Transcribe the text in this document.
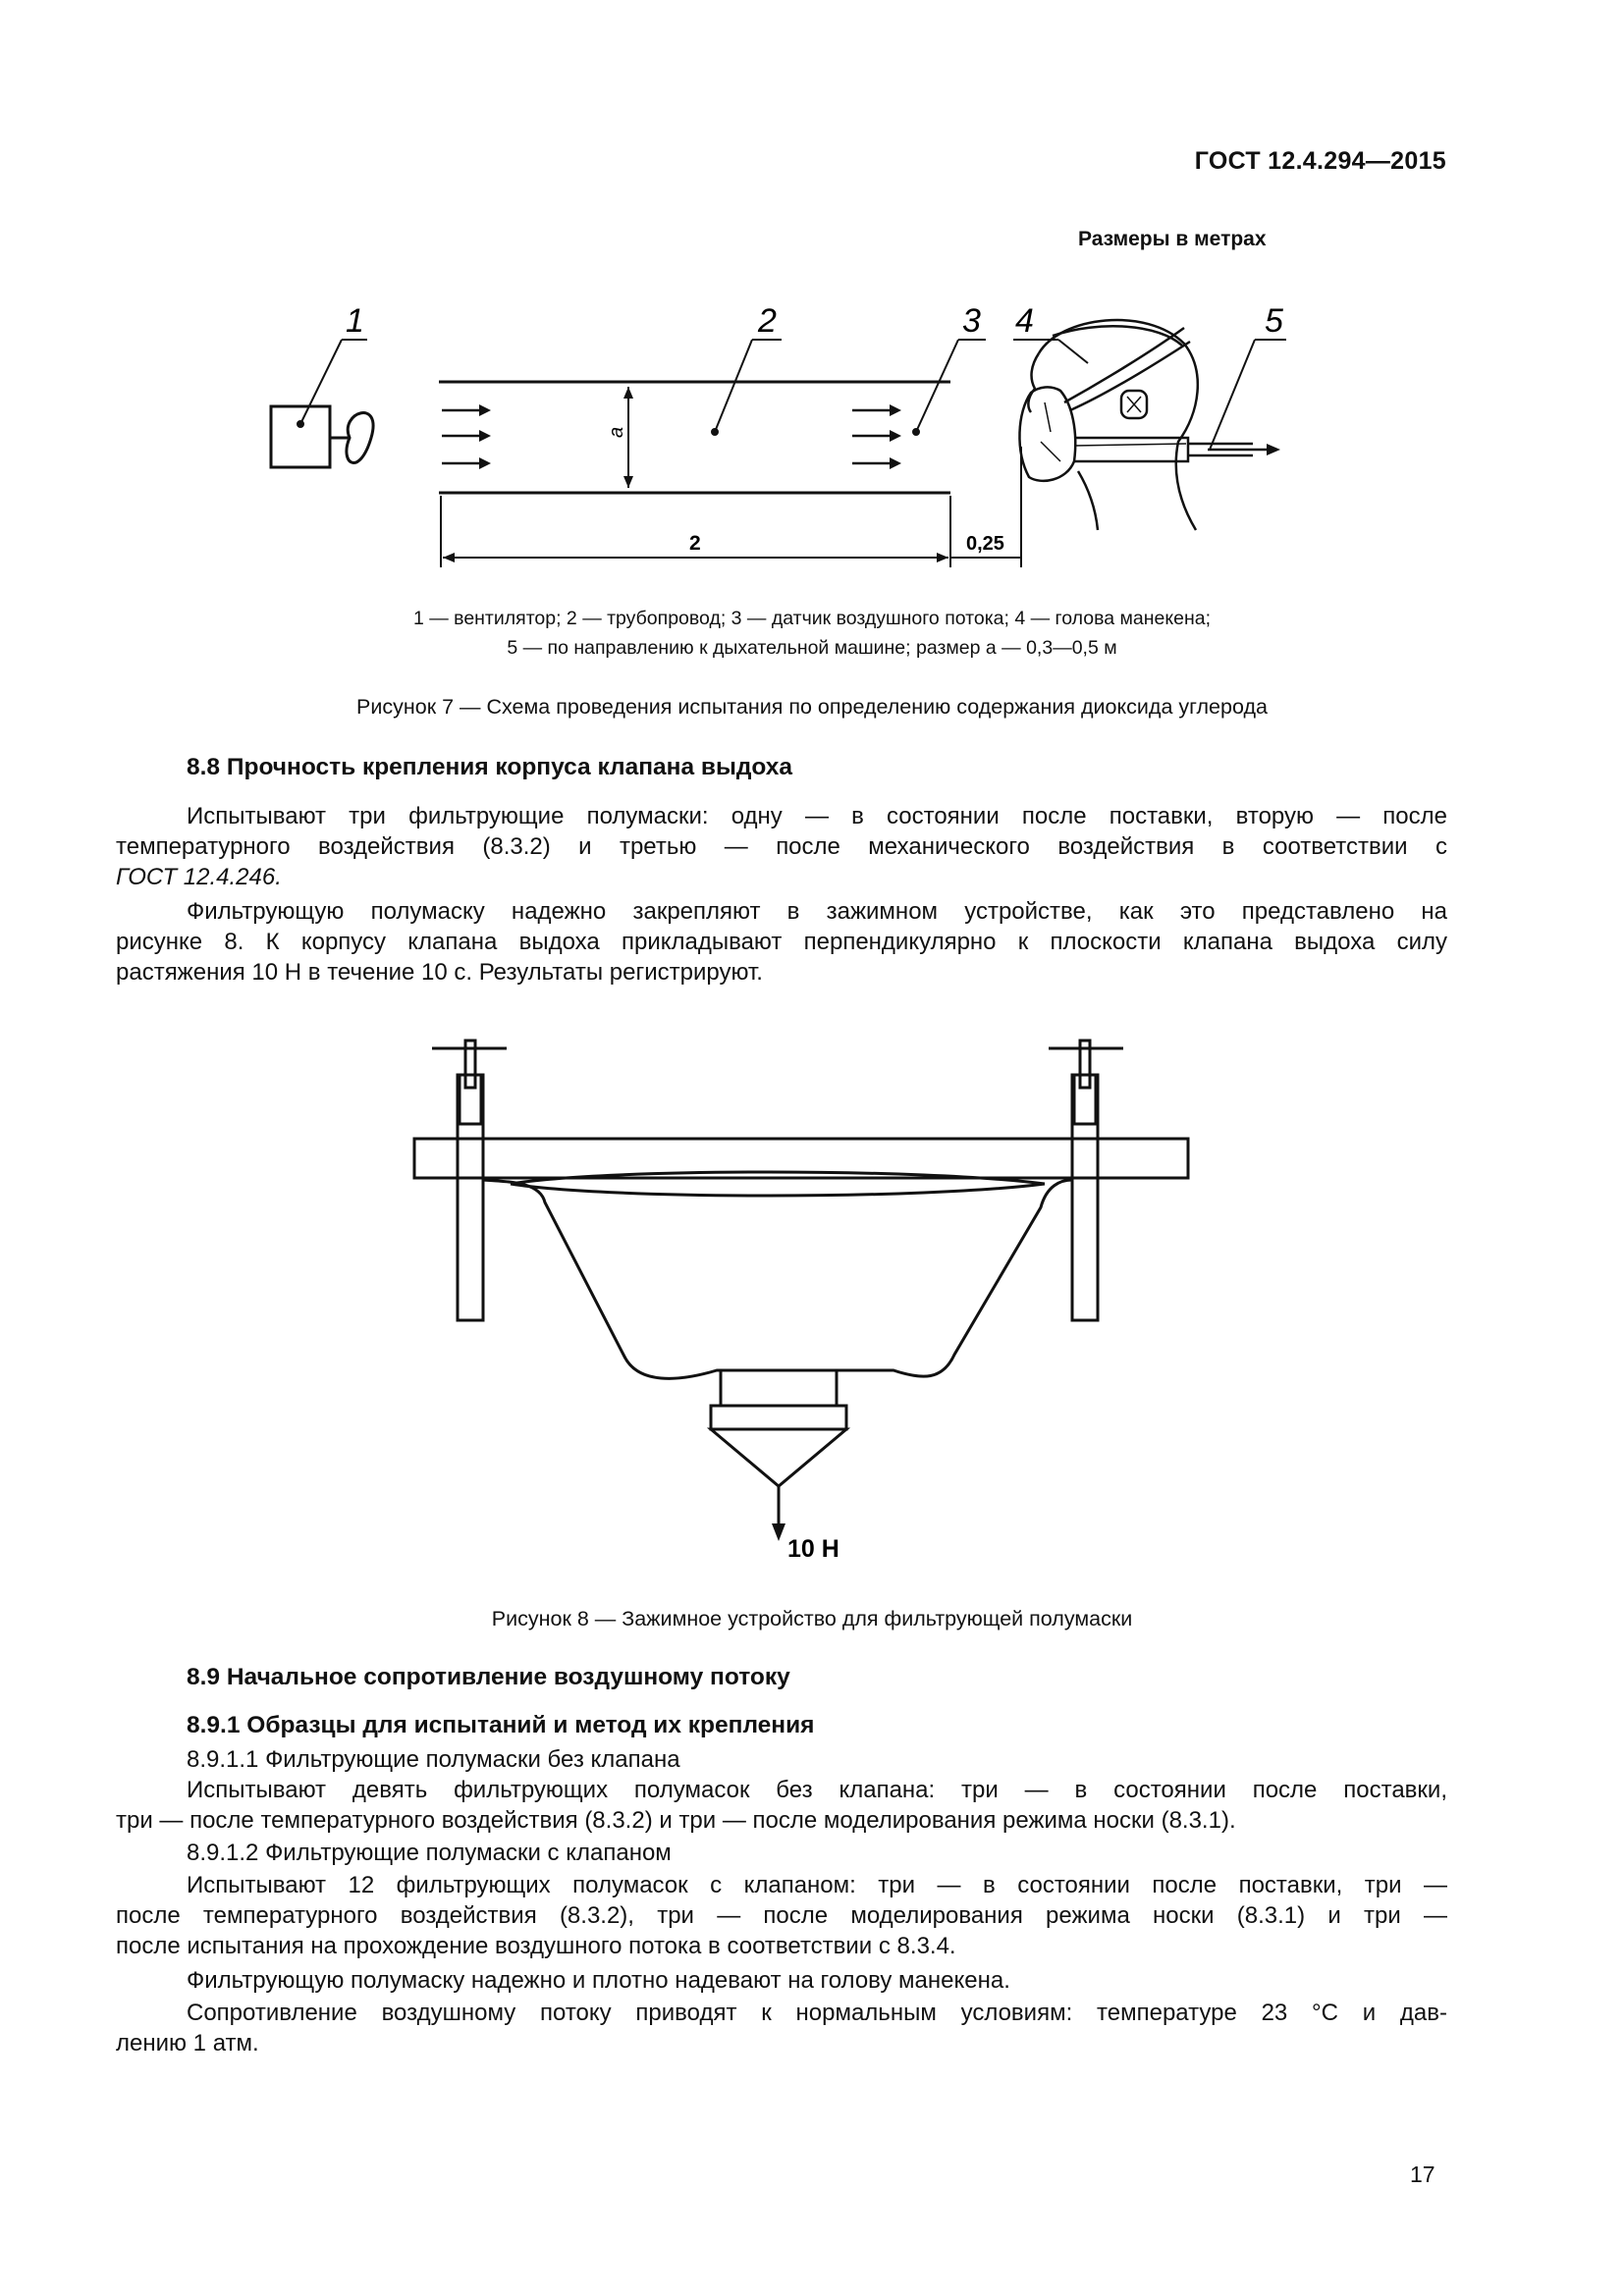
ГОСТ 12.4.294—2015
Размеры в метрах
1	2	3 4	5
2	0,25
а
1 — вентилятор; 2 — трубопровод; 3 — датчик воздушного потока; 4 — голова манекена;
5 — по направлению к дыхательной машине; размер а — 0,3—0,5 м
Рисунок 7 — Схема проведения испытания по определению содержания диоксида углерода
8.8 Прочность крепления корпуса клапана выдоха
Испытывают три фильтрующие полумаски: одну — в состоянии после поставки, вторую — после
температурного воздействия (8.3.2) и третью — после механического воздействия в соответствии с
ГОСТ 12.4.246.
Фильтрующую полумаску надежно закрепляют в зажимном устройстве, как это представлено на
рисунке 8. К корпусу клапана выдоха прикладывают перпендикулярно к плоскости клапана выдоха силу
растяжения 10 Н в течение 10 с. Результаты регистрируют.
10 Н
Рисунок 8 — Зажимное устройство для фильтрующей полумаски
8.9 Начальное сопротивление воздушному потоку
8.9.1 Образцы для испытаний и метод их крепления
8.9.1.1 Фильтрующие полумаски без клапана
Испытывают девять фильтрующих полумасок без клапана: три — в состоянии после поставки,
три — после температурного воздействия (8.3.2) и три — после моделирования режима носки (8.3.1).
8.9.1.2 Фильтрующие полумаски с клапаном
Испытывают 12 фильтрующих полумасок с клапаном: три — в состоянии после поставки, три —
после температурного воздействия (8.3.2), три — после моделирования режима носки (8.3.1) и три —
после испытания на прохождение воздушного потока в соответствии с 8.3.4.
Фильтрующую полумаску надежно и плотно надевают на голову манекена.
Сопротивление воздушному потоку приводят к нормальным условиям: температуре 23 °С и дав-
лению 1 атм.
17
